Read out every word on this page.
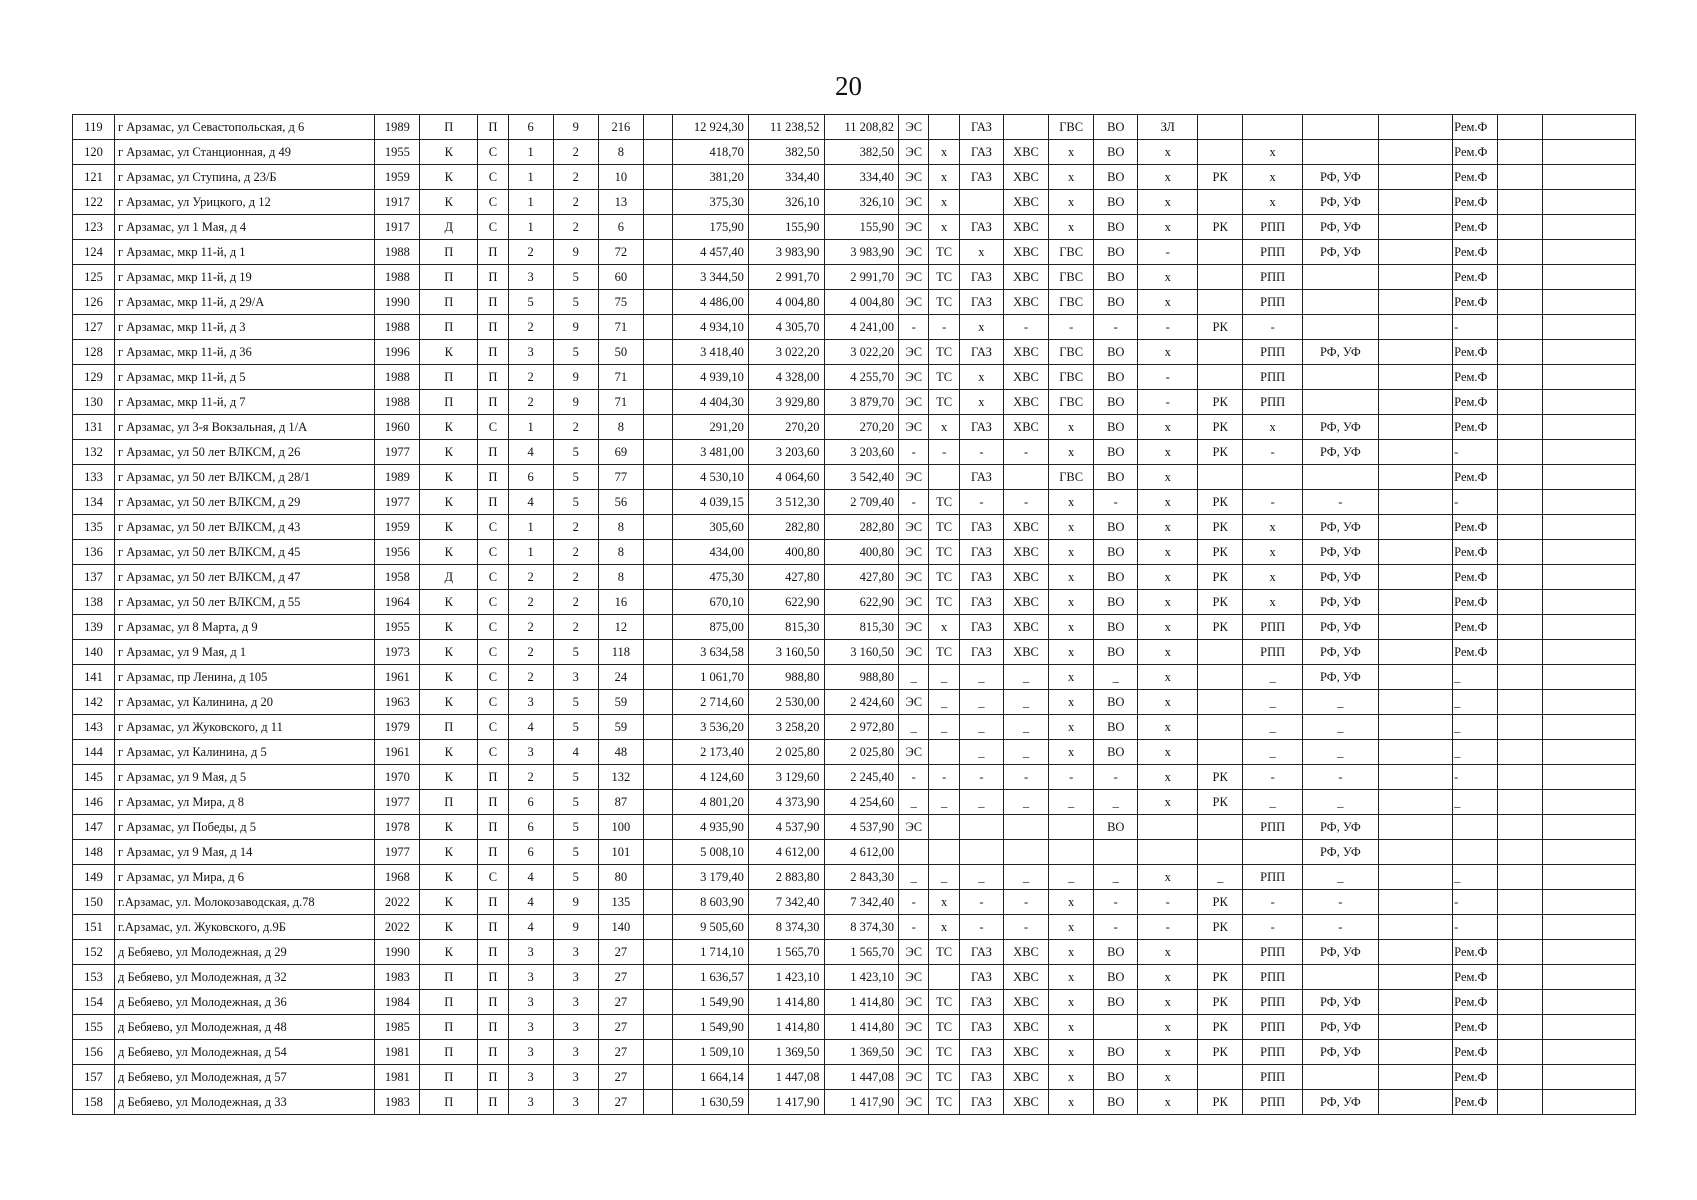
20
119	г Арзамас, ул Севастопольская, д 6	1989	П	П	6	9	216		12 924,30	11 238,52	11 208,82	ЭС		ГАЗ		ГВС	ВО	ЗЛ					Рем.Ф		
120	г Арзамас, ул Станционная, д 49	1955	К	С	1	2	8		418,70	382,50	382,50	ЭС	х	ГАЗ	ХВС	х	ВО	х		х			Рем.Ф		
121	г Арзамас, ул Ступина, д 23/Б	1959	К	С	1	2	10		381,20	334,40	334,40	ЭС	х	ГАЗ	ХВС	х	ВО	х	РК	х	РФ, УФ		Рем.Ф		
122	г Арзамас, ул Урицкого, д 12	1917	К	С	1	2	13		375,30	326,10	326,10	ЭС	х		ХВС	х	ВО	х		х	РФ, УФ		Рем.Ф		
123	г Арзамас, ул 1 Мая, д 4	1917	Д	С	1	2	6		175,90	155,90	155,90	ЭС	х	ГАЗ	ХВС	х	ВО	х	РК	РПП	РФ, УФ		Рем.Ф		
124	г Арзамас, мкр 11-й, д 1	1988	П	П	2	9	72		4 457,40	3 983,90	3 983,90	ЭС	ТС	х	ХВС	ГВС	ВО	-		РПП	РФ, УФ		Рем.Ф		
125	г Арзамас, мкр 11-й, д 19	1988	П	П	3	5	60		3 344,50	2 991,70	2 991,70	ЭС	ТС	ГАЗ	ХВС	ГВС	ВО	х		РПП			Рем.Ф		
126	г Арзамас, мкр 11-й, д 29/А	1990	П	П	5	5	75		4 486,00	4 004,80	4 004,80	ЭС	ТС	ГАЗ	ХВС	ГВС	ВО	х		РПП			Рем.Ф		
127	г Арзамас, мкр 11-й, д 3	1988	П	П	2	9	71		4 934,10	4 305,70	4 241,00	-	-	х	-	-	-	-	РК	-			-		
128	г Арзамас, мкр 11-й, д 36	1996	К	П	3	5	50		3 418,40	3 022,20	3 022,20	ЭС	ТС	ГАЗ	ХВС	ГВС	ВО	х		РПП	РФ, УФ		Рем.Ф		
129	г Арзамас, мкр 11-й, д 5	1988	П	П	2	9	71		4 939,10	4 328,00	4 255,70	ЭС	ТС	х	ХВС	ГВС	ВО	-		РПП			Рем.Ф		
130	г Арзамас, мкр 11-й, д 7	1988	П	П	2	9	71		4 404,30	3 929,80	3 879,70	ЭС	ТС	х	ХВС	ГВС	ВО	-	РК	РПП			Рем.Ф		
131	г Арзамас, ул 3-я Вокзальная, д 1/А	1960	К	С	1	2	8		291,20	270,20	270,20	ЭС	х	ГАЗ	ХВС	х	ВО	х	РК	х	РФ, УФ		Рем.Ф		
132	г Арзамас, ул 50 лет ВЛКСМ, д 26	1977	К	П	4	5	69		3 481,00	3 203,60	3 203,60	-	-	-	-	х	ВО	х	РК	-	РФ, УФ		-		
133	г Арзамас, ул 50 лет ВЛКСМ, д 28/1	1989	К	П	6	5	77		4 530,10	4 064,60	3 542,40	ЭС		ГАЗ		ГВС	ВО	х					Рем.Ф		
134	г Арзамас, ул 50 лет ВЛКСМ, д 29	1977	К	П	4	5	56		4 039,15	3 512,30	2 709,40	-	ТС	-	-	х	-	х	РК	-	-		-		
135	г Арзамас, ул 50 лет ВЛКСМ, д 43	1959	К	С	1	2	8		305,60	282,80	282,80	ЭС	ТС	ГАЗ	ХВС	х	ВО	х	РК	х	РФ, УФ		Рем.Ф		
136	г Арзамас, ул 50 лет ВЛКСМ, д 45	1956	К	С	1	2	8		434,00	400,80	400,80	ЭС	ТС	ГАЗ	ХВС	х	ВО	х	РК	х	РФ, УФ		Рем.Ф		
137	г Арзамас, ул 50 лет ВЛКСМ, д 47	1958	Д	С	2	2	8		475,30	427,80	427,80	ЭС	ТС	ГАЗ	ХВС	х	ВО	х	РК	х	РФ, УФ		Рем.Ф		
138	г Арзамас, ул 50 лет ВЛКСМ, д 55	1964	К	С	2	2	16		670,10	622,90	622,90	ЭС	ТС	ГАЗ	ХВС	х	ВО	х	РК	х	РФ, УФ		Рем.Ф		
139	г Арзамас, ул 8 Марта, д 9	1955	К	С	2	2	12		875,00	815,30	815,30	ЭС	х	ГАЗ	ХВС	х	ВО	х	РК	РПП	РФ, УФ		Рем.Ф		
140	г Арзамас, ул 9 Мая, д 1	1973	К	С	2	5	118		3 634,58	3 160,50	3 160,50	ЭС	ТС	ГАЗ	ХВС	х	ВО	х		РПП	РФ, УФ		Рем.Ф		
141	г Арзамас, пр Ленина, д 105	1961	К	С	2	3	24		1 061,70	988,80	988,80	_	_	_	_	х	_	х		_	РФ, УФ		_		
142	г Арзамас, ул Калинина, д 20	1963	К	С	3	5	59		2 714,60	2 530,00	2 424,60	ЭС	_	_	_	х	ВО	х		_	_		_		
143	г Арзамас, ул Жуковского, д 11	1979	П	С	4	5	59		3 536,20	3 258,20	2 972,80	_	_	_	_	х	ВО	х		_	_		_		
144	г Арзамас, ул Калинина, д 5	1961	К	С	3	4	48		2 173,40	2 025,80	2 025,80	ЭС		_	_	х	ВО	х		_	_		_		
145	г Арзамас, ул 9 Мая, д 5	1970	К	П	2	5	132		4 124,60	3 129,60	2 245,40	-	-	-	-	-	-	х	РК	-	-		-		
146	г Арзамас, ул Мира, д 8	1977	П	П	6	5	87		4 801,20	4 373,90	4 254,60	_	_	_	_	_	_	х	РК	_	_		_		
147	г Арзамас, ул Победы, д 5	1978	К	П	6	5	100		4 935,90	4 537,90	4 537,90	ЭС					ВО			РПП	РФ, УФ				
148	г Арзамас, ул 9 Мая, д 14	1977	К	П	6	5	101		5 008,10	4 612,00	4 612,00										РФ, УФ				
149	г Арзамас, ул Мира, д 6	1968	К	С	4	5	80		3 179,40	2 883,80	2 843,30	_	_	_	_	_	_	х	_	РПП	_		_		
150	г.Арзамас, ул. Молокозаводская, д.78	2022	К	П	4	9	135		8 603,90	7 342,40	7 342,40	-	х	-	-	х	-	-	РК	-	-		-		
151	г.Арзамас, ул. Жуковского, д.9Б	2022	К	П	4	9	140		9 505,60	8 374,30	8 374,30	-	х	-	-	х	-	-	РК	-	-		-		
152	д Бебяево, ул Молодежная, д 29	1990	К	П	3	3	27		1 714,10	1 565,70	1 565,70	ЭС	ТС	ГАЗ	ХВС	х	ВО	х		РПП	РФ, УФ		Рем.Ф		
153	д Бебяево, ул Молодежная, д 32	1983	П	П	3	3	27		1 636,57	1 423,10	1 423,10	ЭС		ГАЗ	ХВС	х	ВО	х	РК	РПП			Рем.Ф		
154	д Бебяево, ул Молодежная, д 36	1984	П	П	3	3	27		1 549,90	1 414,80	1 414,80	ЭС	ТС	ГАЗ	ХВС	х	ВО	х	РК	РПП	РФ, УФ		Рем.Ф		
155	д Бебяево, ул Молодежная, д 48	1985	П	П	3	3	27		1 549,90	1 414,80	1 414,80	ЭС	ТС	ГАЗ	ХВС	х		х	РК	РПП	РФ, УФ		Рем.Ф		
156	д Бебяево, ул Молодежная, д 54	1981	П	П	3	3	27		1 509,10	1 369,50	1 369,50	ЭС	ТС	ГАЗ	ХВС	х	ВО	х	РК	РПП	РФ, УФ		Рем.Ф		
157	д Бебяево, ул Молодежная, д 57	1981	П	П	3	3	27		1 664,14	1 447,08	1 447,08	ЭС	ТС	ГАЗ	ХВС	х	ВО	х		РПП			Рем.Ф		
158	д Бебяево, ул Молодежная, д 33	1983	П	П	3	3	27		1 630,59	1 417,90	1 417,90	ЭС	ТС	ГАЗ	ХВС	х	ВО	х	РК	РПП	РФ, УФ		Рем.Ф		
